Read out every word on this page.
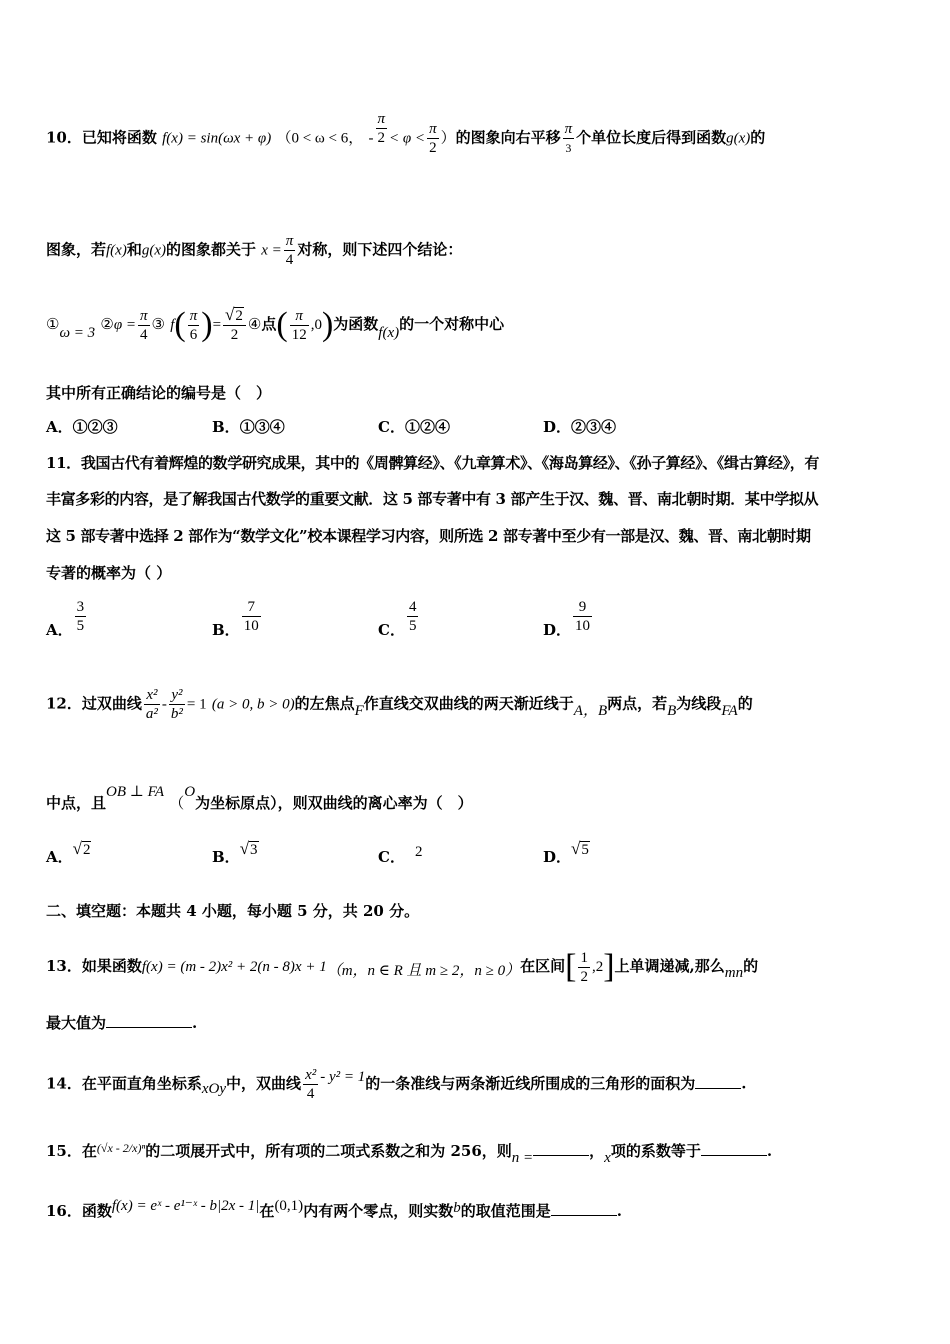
10．已知将函数 f(x) = sin(ωx + φ) （0 < ω < 6， - $\frac{\pi}{2} < \varphi < \frac{\pi}{2}$ ）的图象向右平移 $\frac{\pi}{3}$ 个单位长度后得到函数g(x)的
图象，若f(x)和g(x)的图象都关于 $x = \frac{\pi}{4}$ 对称，则下述四个结论：
①ω = 3 ②φ = $\frac{\pi}{4}$ ③ $f( \frac{\pi}{6}$ )= $\frac{√2}{2}$ ④点( $\frac{\pi}{12} ,0$)为函数f(x)的一个对称中心
其中所有正确结论的编号是（　）
A．①②③	B．①③④	C．①②④	D．②③④
11．我国古代有着辉煌的数学研究成果，其中的《周髀算经》、《九章算术》、《海岛算经》、《孙子算经》、《缉古算经》，有
丰富多彩的内容，是了解我国古代数学的重要文献．这 5 部专著中有 3 部产生于汉、魏、晋、南北朝时期．某中学拟从
这 5 部专著中选择 2 部作为“数学文化”校本课程学习内容，则所选 2 部专著中至少有一部是汉、魏、晋、南北朝时期
专著的概率为（ ）
A． $\frac{3}{5}$	B． $\frac{7}{10}$	C． $\frac{4}{5}$	D． $\frac{9}{10}$
12．过双曲线 $\frac{\text{x²}}{\text{a²}} - \frac{\text{y²}}{\text{b²}} = 1$ (a > 0, b > 0)的左焦点F作直线交双曲线的两天渐近线于A，B两点，若B为线段FA的
中点，且OB ⊥ FA （O为坐标原点），则双曲线的离心率为（　）
A．√2	B．√3	C． 2	D．√5
二、填空题：本题共 4 小题，每小题 5 分，共 20 分。
13．如果函数f(x) = (m - 2)x² + 2(n - 8)x + 1（m，n ∈ R 且 m ≥ 2，n ≥ 0）在区间[ $\frac{1}{2} ,2$]上单调递减,那么mn的
最大值为	.
14．在平面直角坐标系xOy中，双曲线 $\frac{\text{x²}}{4} - y^2 = 1$的一条准线与两条渐近线所围成的三角形的面积为	.
15．在$^{(√x - 2/x)^n}$的二项展开式中，所有项的二项式系数之和为 256，则n =	，x项的系数等于	.
16．函数f(x) = eˣ - e¹⁻ˣ - b|2x - 1|在(0,1)内有两个零点，则实数b的取值范围是	.
